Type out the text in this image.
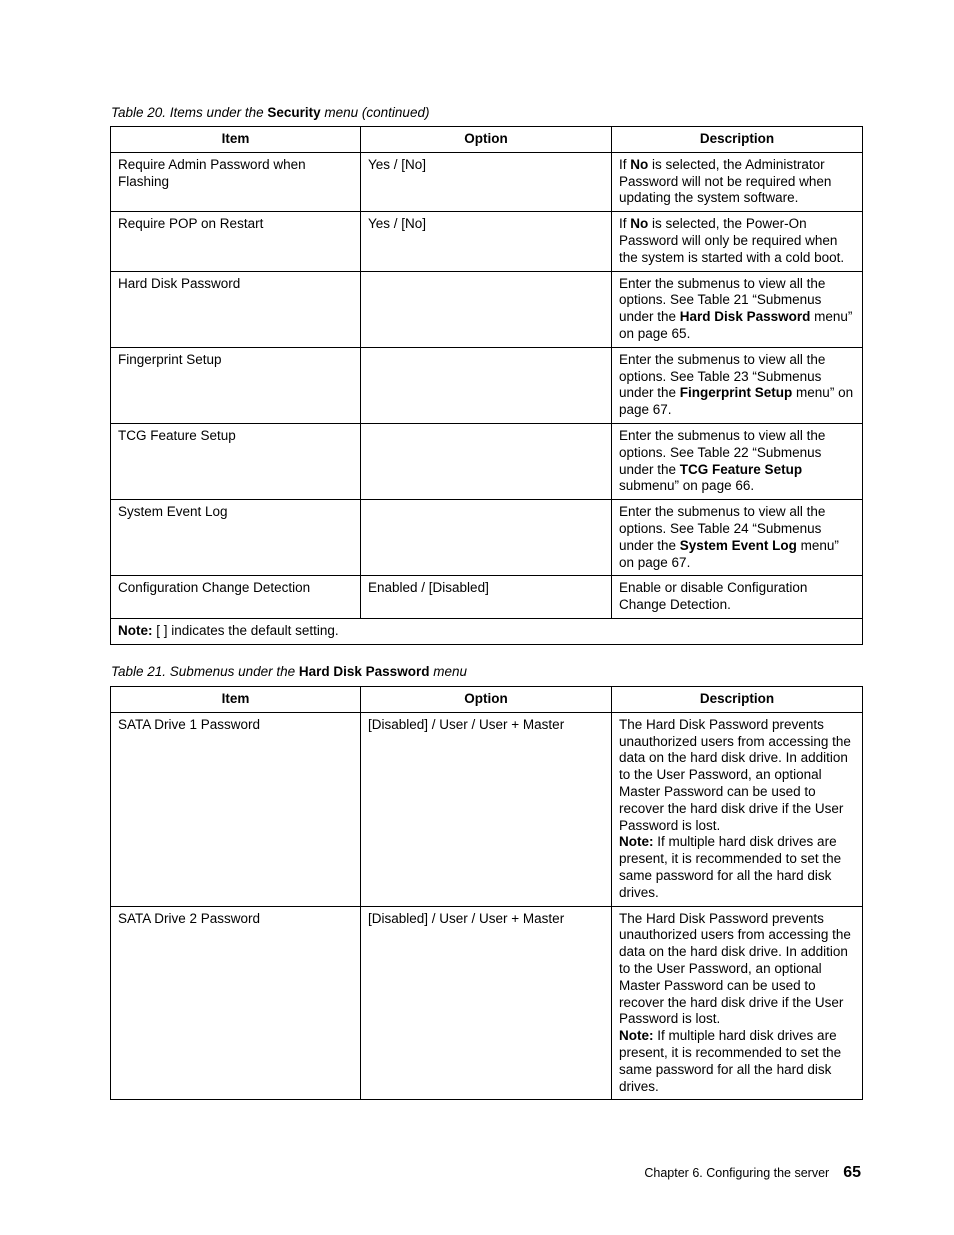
Table 20. Items under the Security menu (continued)
Item	Option	Description
Require Admin Password when Flashing	Yes / [No]	If No is selected, the Administrator Password will not be required when updating the system software.
Require POP on Restart	Yes / [No]	If No is selected, the Power-On Password will only be required when the system is started with a cold boot.
Hard Disk Password		Enter the submenus to view all the options. See Table 21 “Submenus under the Hard Disk Password menu” on page 65.
Fingerprint Setup		Enter the submenus to view all the options. See Table 23 “Submenus under the Fingerprint Setup menu” on page 67.
TCG Feature Setup		Enter the submenus to view all the options. See Table 22 “Submenus under the TCG Feature Setup submenu” on page 66.
System Event Log		Enter the submenus to view all the options. See Table 24 “Submenus under the System Event Log menu” on page 67.
Configuration Change Detection	Enabled / [Disabled]	Enable or disable Configuration Change Detection.
Note: [ ] indicates the default setting.		
Table 21. Submenus under the Hard Disk Password menu
Item	Option	Description
SATA Drive 1 Password	[Disabled] / User / User + Master	The Hard Disk Password prevents unauthorized users from accessing the data on the hard disk drive. In addition to the User Password, an optional Master Password can be used to recover the hard disk drive if the User Password is lost.
Note: If multiple hard disk drives are present, it is recommended to set the same password for all the hard disk drives.
SATA Drive 2 Password	[Disabled] / User / User + Master	The Hard Disk Password prevents unauthorized users from accessing the data on the hard disk drive. In addition to the User Password, an optional Master Password can be used to recover the hard disk drive if the User Password is lost.
Note: If multiple hard disk drives are present, it is recommended to set the same password for all the hard disk drives.
Chapter 6. Configuring the server 65
